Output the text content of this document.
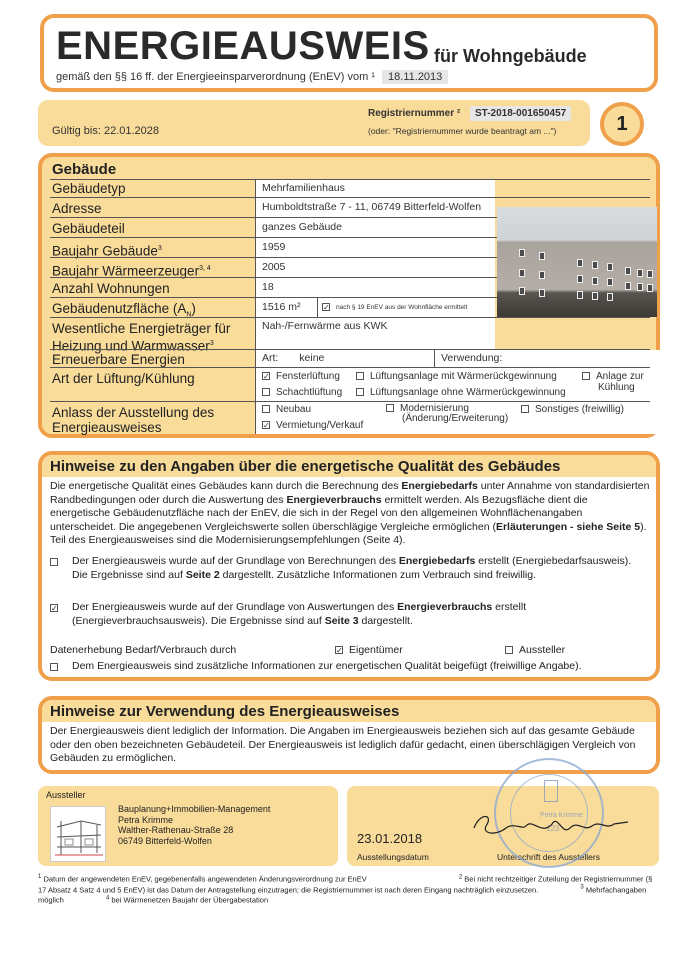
ENERGIEAUSWEIS für Wohngebäude
gemäß den §§ 16 ff. der Energieeinsparverordnung (EnEV) vom ¹ 18.11.2013
Gültig bis: 22.01.2028
Registriernummer ²	ST-2018-001650457
(oder: "Registriernummer wurde beantragt am ...")	1
Gebäude
Gebäudetyp	Mehrfamilienhaus
Adresse	Humboldtstraße 7 - 11, 06749 Bitterfeld-Wolfen
Gebäudeteil	ganzes Gebäude
Baujahr Gebäude$^3$	1959
Baujahr Wärmeerzeuger$^{3, 4}$	2005
Anzahl Wohnungen	18
Gebäudenutzfläche $(A_N)$	1516 m²	✓ nach § 19 EnEV aus der Wohnfläche ermittelt
Wesentliche Energieträger für
Heizung und Warmwasser$^3$
Nah-/Fernwärme aus KWK
Erneuerbare Energien	Art: keine	Verwendung:
Art der Lüftung/Kühlung	✓ Fensterlüftung	Lüftungsanlage mit Wärmerückgewinnung	Anlage zur
Kühlung
Schachtlüftung	Lüftungsanlage ohne Wärmerückgewinnung
Anlass der Ausstellung des
Energieausweises
Neubau	Modernisierung
(Änderung/Erweiterung)
Sonstiges (freiwillig)
✓ Vermietung/Verkauf
Hinweise zu den Angaben über die energetische Qualität des Gebäudes
Die energetische Qualität eines Gebäudes kann durch die Berechnung des Energiebedarfs unter Annahme von standardisierten Randbedingungen oder durch die Auswertung des Energieverbrauchs ermittelt werden. Als Bezugsfläche dient die energetische Gebäudenutzfläche nach der EnEV, die sich in der Regel von den allgemeinen Wohnflächenangaben unterscheidet. Die angegebenen Vergleichswerte sollen überschlägige Vergleiche ermöglichen (Erläuterungen - siehe Seite 5). Teil des Energieausweises sind die Modernisierungsempfehlungen (Seite 4).
Der Energieausweis wurde auf der Grundlage von Berechnungen des Energiebedarfs erstellt (Energiebedarfsausweis). Die Ergebnisse sind auf Seite 2 dargestellt. Zusätzliche Informationen zum Verbrauch sind freiwillig.
✓ Der Energieausweis wurde auf der Grundlage von Auswertungen des Energieverbrauchs erstellt (Energieverbrauchsausweis). Die Ergebnisse sind auf Seite 3 dargestellt.
Datenerhebung Bedarf/Verbrauch durch	✓ Eigentümer	Aussteller
Dem Energieausweis sind zusätzliche Informationen zur energetischen Qualität beigefügt (freiwillige Angabe).
Hinweise zur Verwendung des Energieausweises
Der Energieausweis dient lediglich der Information. Die Angaben im Energieausweis beziehen sich auf das gesamte Gebäude oder den oben bezeichneten Gebäudeteil. Der Energieausweis ist lediglich dafür gedacht, einen überschlägigen Vergleich von Gebäuden zu ermöglichen.
Aussteller
Bauplanung+Immobilien-Management
Petra Krimme
Walther-Rathenau-Straße 28
06749 Bitterfeld-Wolfen	23.01.2018
Ausstellungsdatum	Unterschrift des Ausstellers
123
Petra Krimme
$^1$ Datum der angewendeten EnEV, gegebenenfalls angewendeten Änderungsverordnung zur EnEV	$^2$ Bei nicht rechtzeitiger Zuteilung der Registriernummer (§ 17 Absatz 4 Satz 4 und 5 EnEV) ist das Datum der Antragstellung einzutragen; die Registriernummer ist nach deren Eingang nachträglich einzusetzen.	$^3$ Mehrfachangaben möglich	$^4$ bei Wärmenetzen Baujahr der Übergabestation
